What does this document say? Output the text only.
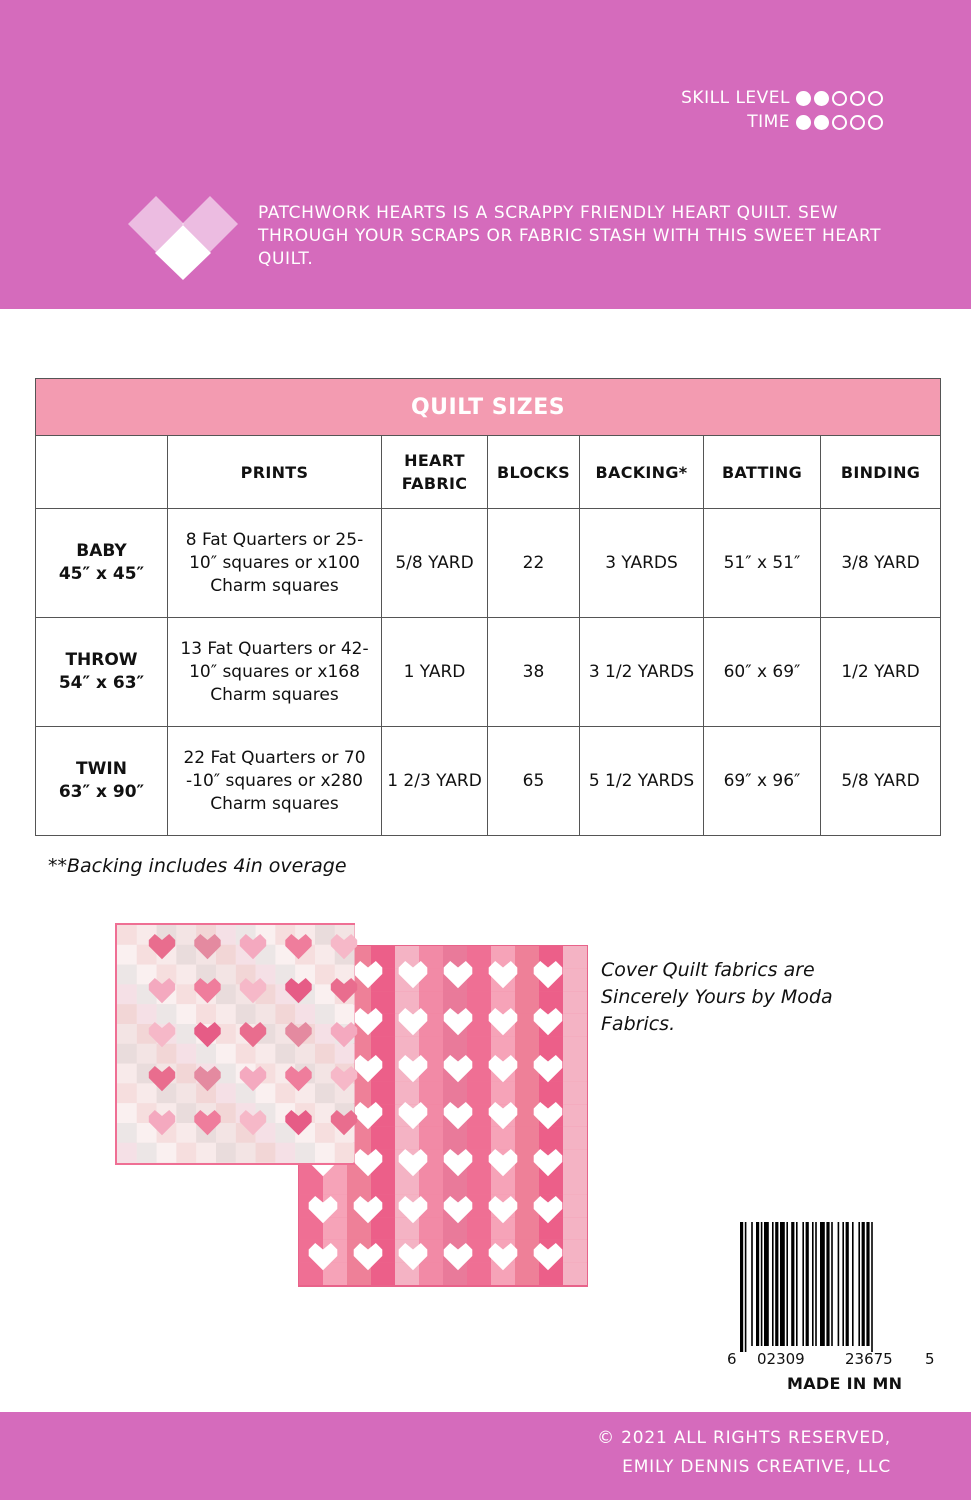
SKILL LEVEL
TIME
PATCHWORK HEARTS IS A SCRAPPY FRIENDLY HEART QUILT. SEW THROUGH YOUR SCRAPS OR FABRIC STASH WITH THIS SWEET HEART QUILT.
QUILT SIZES						
	PRINTS	HEART FABRIC	BLOCKS	BACKING*	BATTING	BINDING

BABY
45″ x 45″	8 Fat Quarters or 25-10″ squares or x100 Charm squares	5/8 YARD	22	3 YARDS	51″ x 51″	3/8 YARD

THROW
54″ x 63″	13 Fat Quarters or 42-10″ squares or x168 Charm squares	1 YARD	38	3 1/2 YARDS	60″ x 69″	1/2 YARD

TWIN
63″ x 90″	22 Fat Quarters or 70 -10″ squares or x280 Charm squares	1 2/3 YARD	65	5 1/2 YARDS	69″ x 96″	5/8 YARD
**Backing includes 4in overage
Cover Quilt fabrics are Sincerely Yours by Moda Fabrics.
6 02309	23675 5
MADE IN MN
© 2021 ALL RIGHTS RESERVED,
EMILY DENNIS CREATIVE, LLC
